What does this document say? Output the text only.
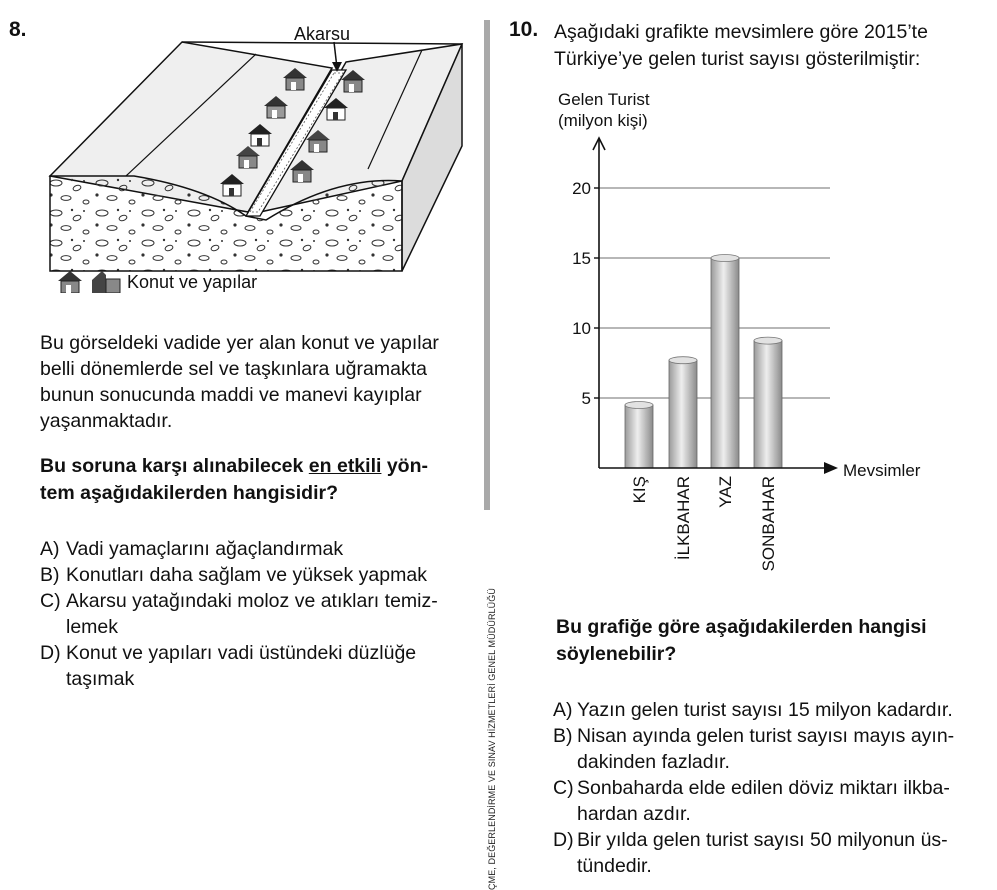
8.	Akarsu
Konut ve yapılar
Bu görseldeki vadide yer alan konut ve yapılar
belli dönemlerde sel ve taşkınlara uğramakta
bunun sonucunda maddi ve manevi kayıplar
yaşanmaktadır.
Bu soruna karşı alınabilecek en etkili yön-
tem aşağıdakilerden hangisidir?
A) Vadi yamaçlarını ağaçlandırmak
B) Konutları daha sağlam ve yüksek yapmak
C) Akarsu yatağındaki moloz ve atıkları temiz-
lemek
D) Konut ve yapıları vadi üstündeki düzlüğe
taşımak	ÇME, DEĞERLENDİRME VE SINAV HİZMETLERİ GENEL MÜDÜRLÜĞÜ
10. Aşağıdaki grafikte mevsimlere göre 2015’te
Türkiye’ye gelen turist sayısı gösterilmiştir:
Gelen Turist
(milyon kişi)
Mevsimler
5
10
15
20
KIŞ İLKBAHAR YAZ SONBAHAR
Bu grafiğe göre aşağıdakilerden hangisi
söylenebilir?
A) Yazın gelen turist sayısı 15 milyon kadardır.
B) Nisan ayında gelen turist sayısı mayıs ayın-
dakinden fazladır.
C) Sonbaharda elde edilen döviz miktarı ilkba-
hardan azdır.
D) Bir yılda gelen turist sayısı 50 milyonun üs-
tündedir.
